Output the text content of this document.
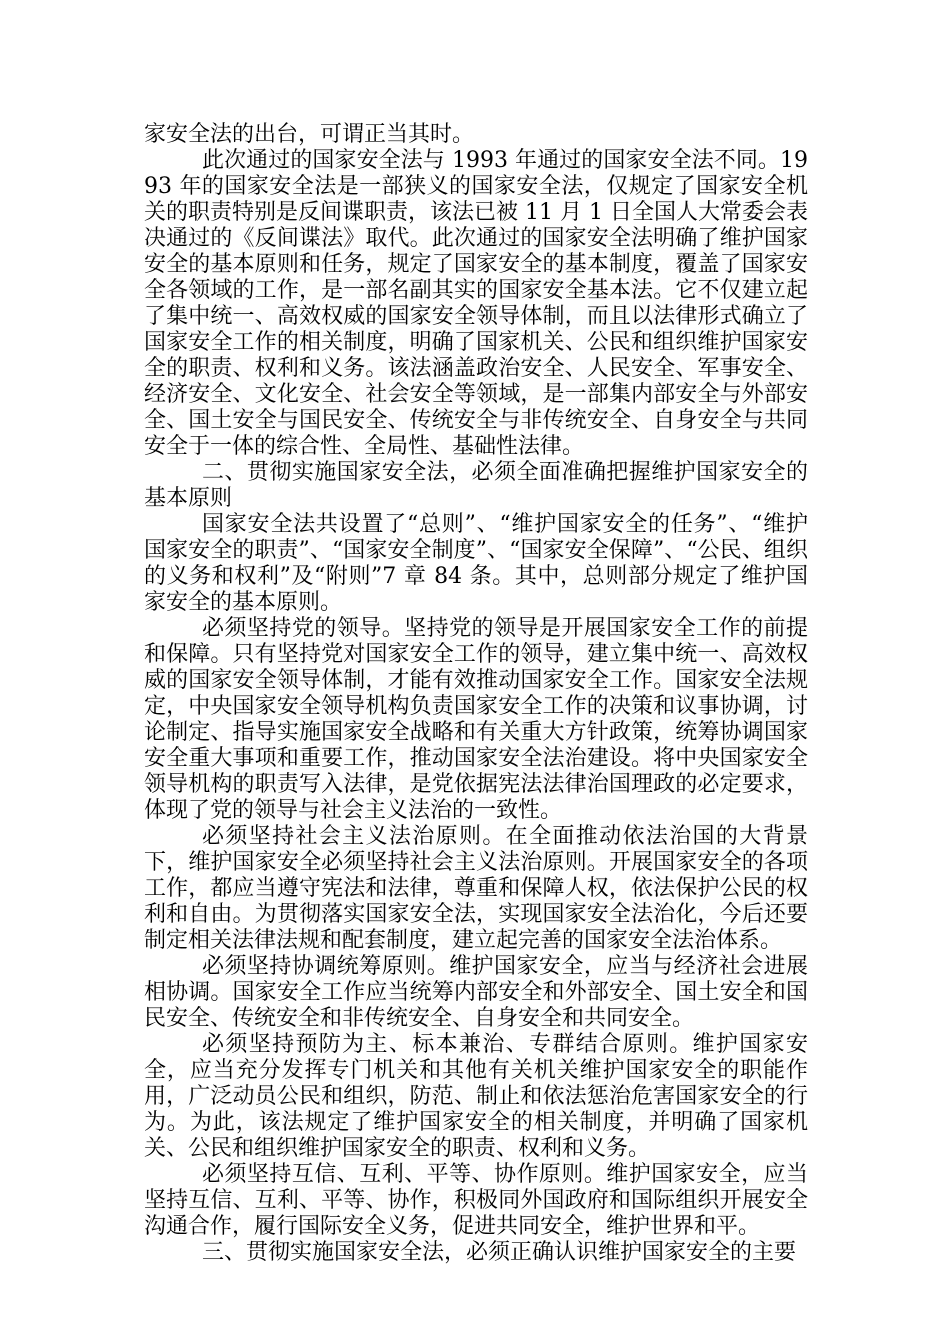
家安全法的出台，可谓正当其时。

此次通过的国家安全法与 1993 年通过的国家安全法不同。1993 年的国家安全法是一部狭义的国家安全法，仅规定了国家安全机关的职责特别是反间谍职责，该法已被 11 月 1 日全国人大常委会表决通过的《反间谍法》取代。此次通过的国家安全法明确了维护国家安全的基本原则和任务，规定了国家安全的基本制度，覆盖了国家安全各领域的工作，是一部名副其实的国家安全基本法。它不仅建立起了集中统一、高效权威的国家安全领导体制，而且以法律形式确立了国家安全工作的相关制度，明确了国家机关、公民和组织维护国家安全的职责、权利和义务。该法涵盖政治安全、人民安全、军事安全、经济安全、文化安全、社会安全等领域，是一部集内部安全与外部安全、国土安全与国民安全、传统安全与非传统安全、自身安全与共同安全于一体的综合性、全局性、基础性法律。

二、贯彻实施国家安全法，必须全面准确把握维护国家安全的基本原则

国家安全法共设置了“总则”、“维护国家安全的任务”、“维护国家安全的职责”、“国家安全制度”、“国家安全保障”、“公民、组织的义务和权利”及“附则”7 章 84 条。其中，总则部分规定了维护国家安全的基本原则。

必须坚持党的领导。坚持党的领导是开展国家安全工作的前提和保障。只有坚持党对国家安全工作的领导，建立集中统一、高效权威的国家安全领导体制，才能有效推动国家安全工作。国家安全法规定，中央国家安全领导机构负责国家安全工作的决策和议事协调，讨论制定、指导实施国家安全战略和有关重大方针政策，统筹协调国家安全重大事项和重要工作，推动国家安全法治建设。将中央国家安全领导机构的职责写入法律，是党依据宪法法律治国理政的必定要求，体现了党的领导与社会主义法治的一致性。

必须坚持社会主义法治原则。在全面推动依法治国的大背景下，维护国家安全必须坚持社会主义法治原则。开展国家安全的各项工作，都应当遵守宪法和法律，尊重和保障人权，依法保护公民的权利和自由。为贯彻落实国家安全法，实现国家安全法治化，今后还要制定相关法律法规和配套制度，建立起完善的国家安全法治体系。

必须坚持协调统筹原则。维护国家安全，应当与经济社会进展相协调。国家安全工作应当统筹内部安全和外部安全、国土安全和国民安全、传统安全和非传统安全、自身安全和共同安全。

必须坚持预防为主、标本兼治、专群结合原则。维护国家安全，应当充分发挥专门机关和其他有关机关维护国家安全的职能作用，广泛动员公民和组织，防范、制止和依法惩治危害国家安全的行为。为此，该法规定了维护国家安全的相关制度，并明确了国家机关、公民和组织维护国家安全的职责、权利和义务。

必须坚持互信、互利、平等、协作原则。维护国家安全，应当坚持互信、互利、平等、协作，积极同外国政府和国际组织开展安全沟通合作，履行国际安全义务，促进共同安全，维护世界和平。

三、贯彻实施国家安全法，必须正确认识维护国家安全的主要
